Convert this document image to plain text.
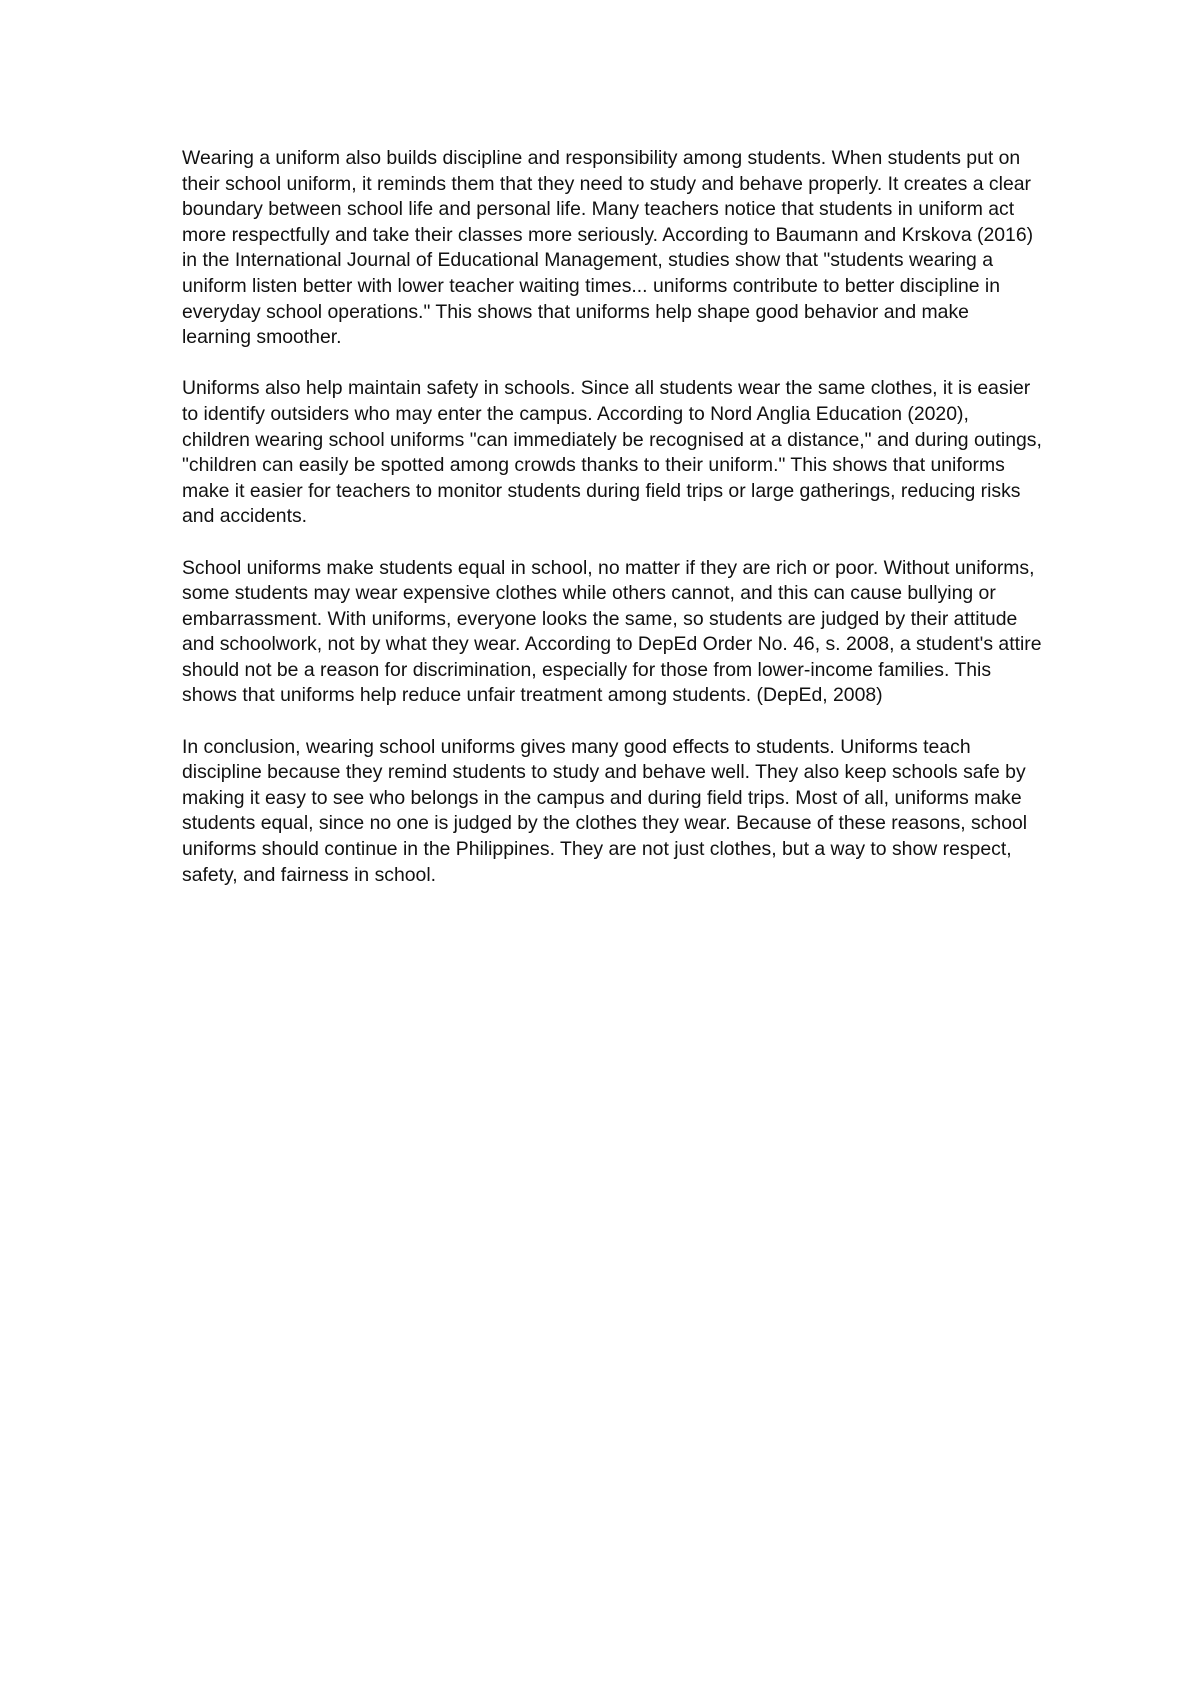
Wearing a uniform also builds discipline and responsibility among students. When students put on their school uniform, it reminds them that they need to study and behave properly. It creates a clear boundary between school life and personal life. Many teachers notice that students in uniform act more respectfully and take their classes more seriously. According to Baumann and Krskova (2016) in the International Journal of Educational Management, studies show that "students wearing a uniform listen better with lower teacher waiting times... uniforms contribute to better discipline in everyday school operations." This shows that uniforms help shape good behavior and make learning smoother.

Uniforms also help maintain safety in schools. Since all students wear the same clothes, it is easier to identify outsiders who may enter the campus. According to Nord Anglia Education (2020), children wearing school uniforms "can immediately be recognised at a distance," and during outings, "children can easily be spotted among crowds thanks to their uniform." This shows that uniforms make it easier for teachers to monitor students during field trips or large gatherings, reducing risks and accidents.

School uniforms make students equal in school, no matter if they are rich or poor. Without uniforms, some students may wear expensive clothes while others cannot, and this can cause bullying or embarrassment. With uniforms, everyone looks the same, so students are judged by their attitude and schoolwork, not by what they wear. According to DepEd Order No. 46, s. 2008, a student's attire should not be a reason for discrimination, especially for those from lower-income families. This shows that uniforms help reduce unfair treatment among students. (DepEd, 2008)

In conclusion, wearing school uniforms gives many good effects to students. Uniforms teach discipline because they remind students to study and behave well. They also keep schools safe by making it easy to see who belongs in the campus and during field trips. Most of all, uniforms make students equal, since no one is judged by the clothes they wear. Because of these reasons, school uniforms should continue in the Philippines. They are not just clothes, but a way to show respect, safety, and fairness in school.
